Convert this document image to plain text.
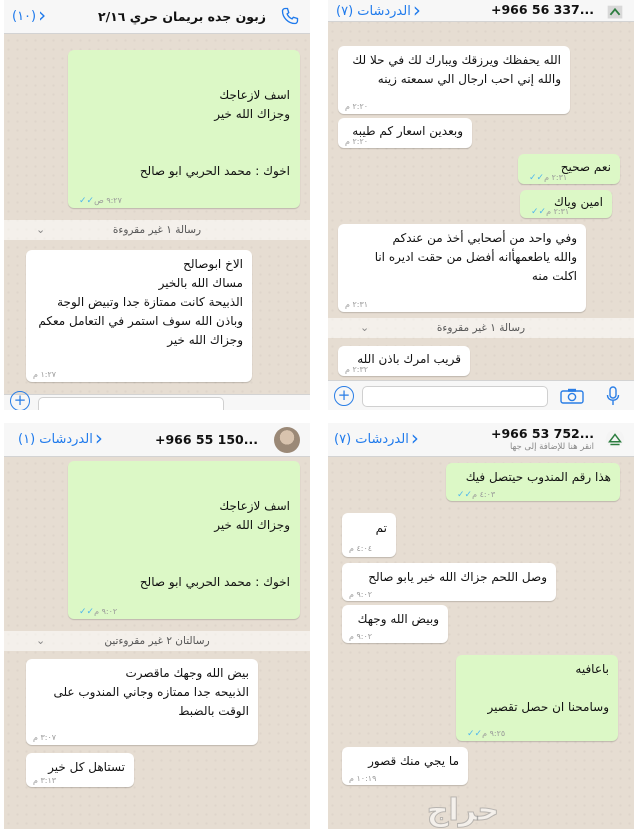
‹(١٠)	زبون جده بريمان حري ٢/١٦
اسف لازعاجك
وجزاك الله خير
اخوك : محمد الحربي ابو صالح
✓✓٩:٢٧ ص
⌄	رسالة ١ غير مقروءة
الاخ ابوصالح
مساك الله بالخير
الذبيحة كانت ممتازة جدا وتبيض الوجة
وباذن الله سوف استمر في التعامل معكم
وجزاك الله خير
١:٢٧ م
+
‹الدردشات (٧)	+966 56 337...
الله يحفظك ويرزقك ويبارك لك في حلا لك
والله إني احب ارجال الي سمعته زينه
٢:٢٠ م
وبعدين اسعار كم طيبه
٢:٢٠ م
نعم صحيح
✓✓٢:٣١ م
امين وياك
✓✓٢:٣١ م
وفي واحد من أصحابي أخذ من عندكم
والله ياطعمهأانه أفضل من حقت اديره انا
اكلت منه
٢:٣١ م
⌄	رسالة ١ غير مقروءة
قريب امرك باذن الله
٢:٣٢ م
+
‹الدردشات (١)	+966 55 150...
اسف لازعاجك
وجزاك الله خير
اخوك : محمد الحربي ابو صالح
✓✓٩:٠٢ م
⌄	رسالتان ٢ غير مقروءتين
بيض الله وجهك ماقصرت
الذبيحه جدا ممتازه وجاني المندوب على
الوقت بالضبط
٣:٠٧ م
تستاهل كل خير
٣:١٣ م
‹الدردشات (٧)	+966 53 752...
انقر هنا للإضافة إلى جها
هذا رقم المندوب حيتصل فيك
✓✓٤:٠٣ م
تم
٤:٠٤ م
وصل اللحم جزاك الله خير يابو صالح
٩:٠٢ م
وبيض الله وجهك
٩:٠٢ م
باعافيه
وسامحنا ان حصل تقصير
✓✓٩:٢٥ م
ما يجي منك قصور
١٠:١٩ م
حراج
